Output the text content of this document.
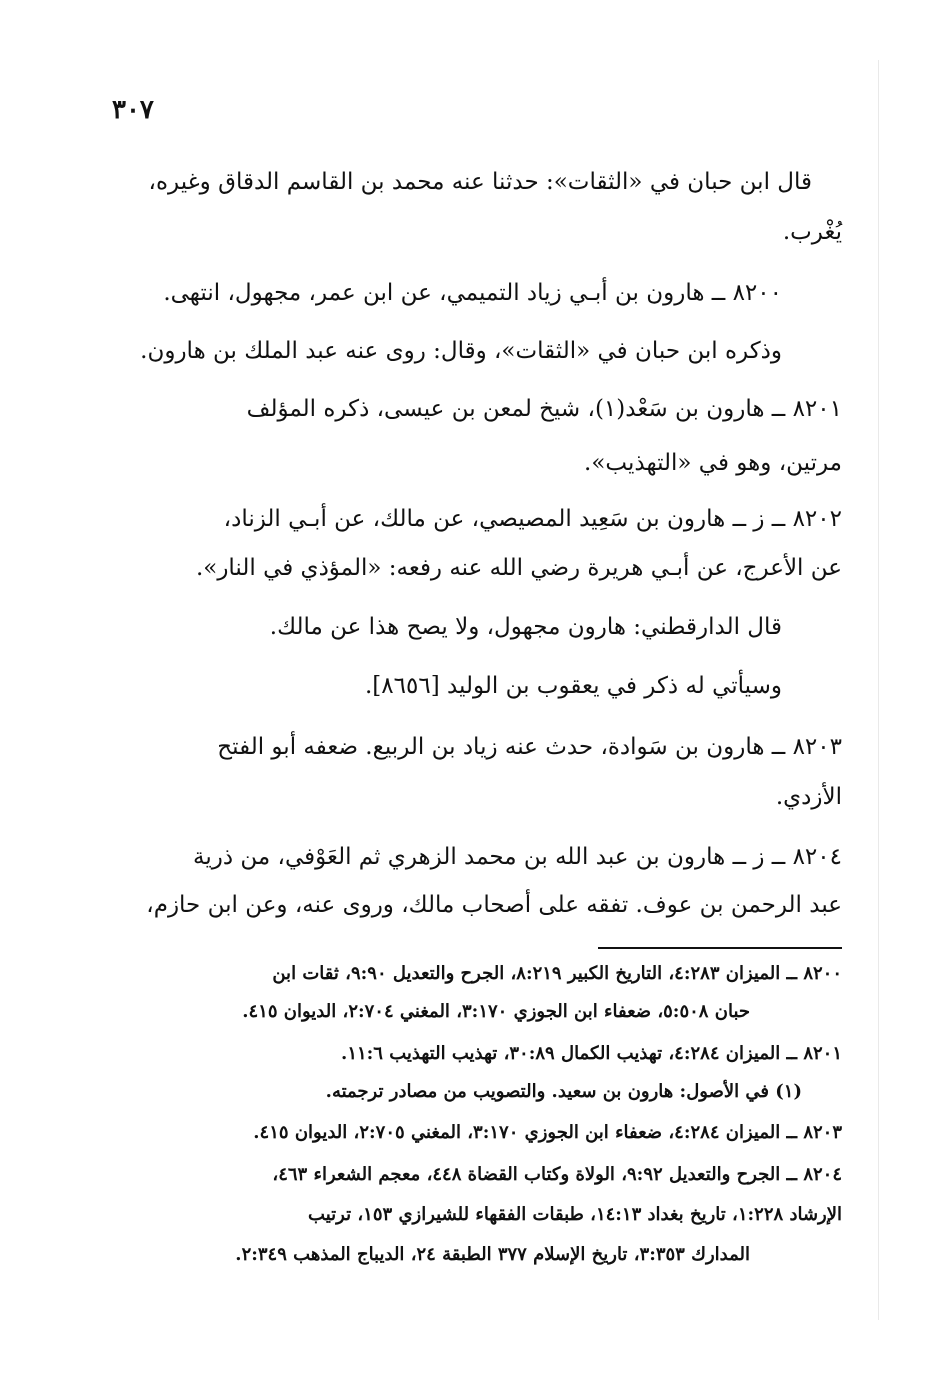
٣٠٧
قال ابن حبان في «الثقات»: حدثنا عنه محمد بن القاسم الدقاق وغيره،
يُغْرب.
٨٢٠٠ ــ هارون بن أبـي زياد التميمي، عن ابن عمر، مجهول، انتهى.
وذكره ابن حبان في «الثقات»، وقال: روى عنه عبد الملك بن هارون.
٨٢٠١ ــ هارون بن سَعْد(١)، شيخ لمعن بن عيسى، ذكره المؤلف
مرتين، وهو في «التهذيب».
٨٢٠٢ ــ ز ــ هارون بن سَعِيد المصيصي، عن مالك، عن أبـي الزناد،
عن الأعرج، عن أبـي هريرة رضي الله عنه رفعه: «المؤذي في النار».
قال الدارقطني: هارون مجهول، ولا يصح هذا عن مالك.
وسيأتي له ذكر في يعقوب بن الوليد [٨٦٥٦].
٨٢٠٣ ــ هارون بن سَوادة، حدث عنه زياد بن الربيع. ضعفه أبو الفتح
الأزدي.
٨٢٠٤ ــ ز ــ هارون بن عبد الله بن محمد الزهري ثم العَوْفي، من ذرية
عبد الرحمن بن عوف. تفقه على أصحاب مالك، وروى عنه، وعن ابن حازم،
٨٢٠٠ ــ الميزان ٤:٢٨٣، التاريخ الكبير ٨:٢١٩، الجرح والتعديل ٩:٩٠، ثقات ابن
حبان ٥:٥٠٨، ضعفاء ابن الجوزي ٣:١٧٠، المغني ٢:٧٠٤، الديوان ٤١٥.
٨٢٠١ ــ الميزان ٤:٢٨٤، تهذيب الكمال ٣٠:٨٩، تهذيب التهذيب ١١:٦.
(١) في الأصول: هارون بن سعيد. والتصويب من مصادر ترجمته.
٨٢٠٣ ــ الميزان ٤:٢٨٤، ضعفاء ابن الجوزي ٣:١٧٠، المغني ٢:٧٠٥، الديوان ٤١٥.
٨٢٠٤ ــ الجرح والتعديل ٩:٩٢، الولاة وكتاب القضاة ٤٤٨، معجم الشعراء ٤٦٣،
الإرشاد ١:٢٢٨، تاريخ بغداد ١٤:١٣، طبقات الفقهاء للشيرازي ١٥٣، ترتيب
المدارك ٣:٣٥٣، تاريخ الإسلام ٣٧٧ الطبقة ٢٤، الديباج المذهب ٢:٣٤٩.
